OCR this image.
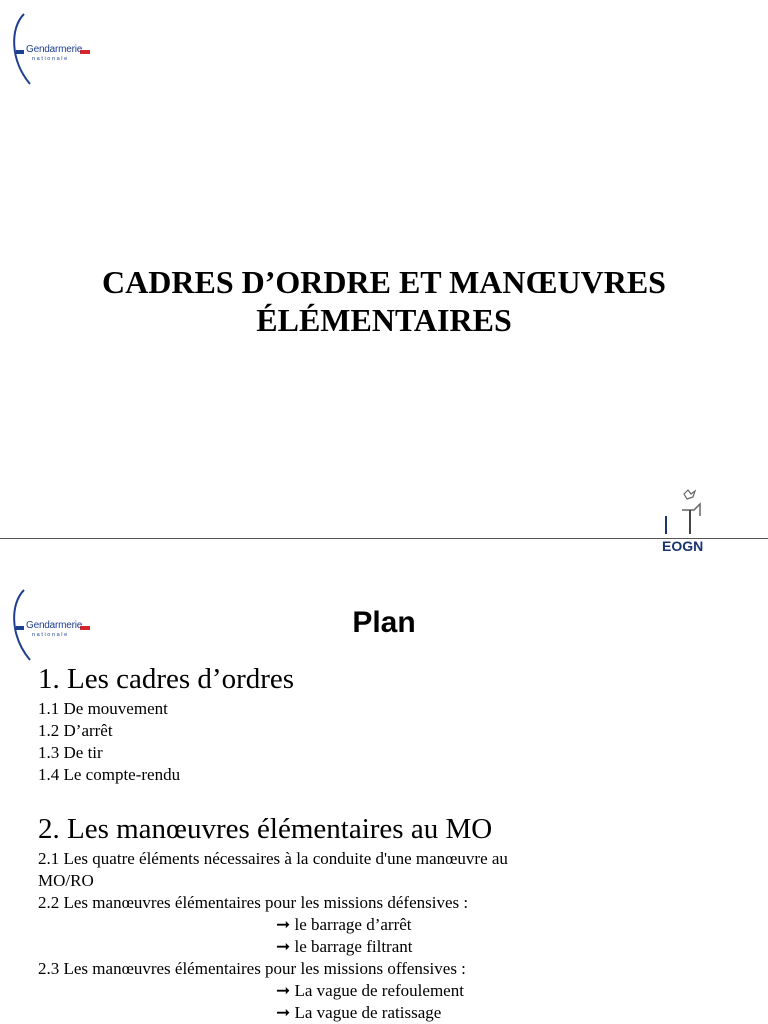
Gendarmerie
nationale
CADRES D’ORDRE ET MANŒUVRES
ÉLÉMENTAIRES
EOGN
Gendarmerie
nationale	Plan
1. Les cadres d’ordres
1.1 De mouvement
1.2 D’arrêt
1.3 De tir
1.4 Le compte-rendu
2. Les manœuvres élémentaires au MO
2.1 Les quatre éléments nécessaires à la conduite d'une manœuvre au
MO/RO
2.2 Les manœuvres élémentaires pour les missions défensives :
➞ le barrage d’arrêt
➞ le barrage filtrant
2.3 Les manœuvres élémentaires pour les missions offensives :
➞ La vague de refoulement
➞ La vague de ratissage
